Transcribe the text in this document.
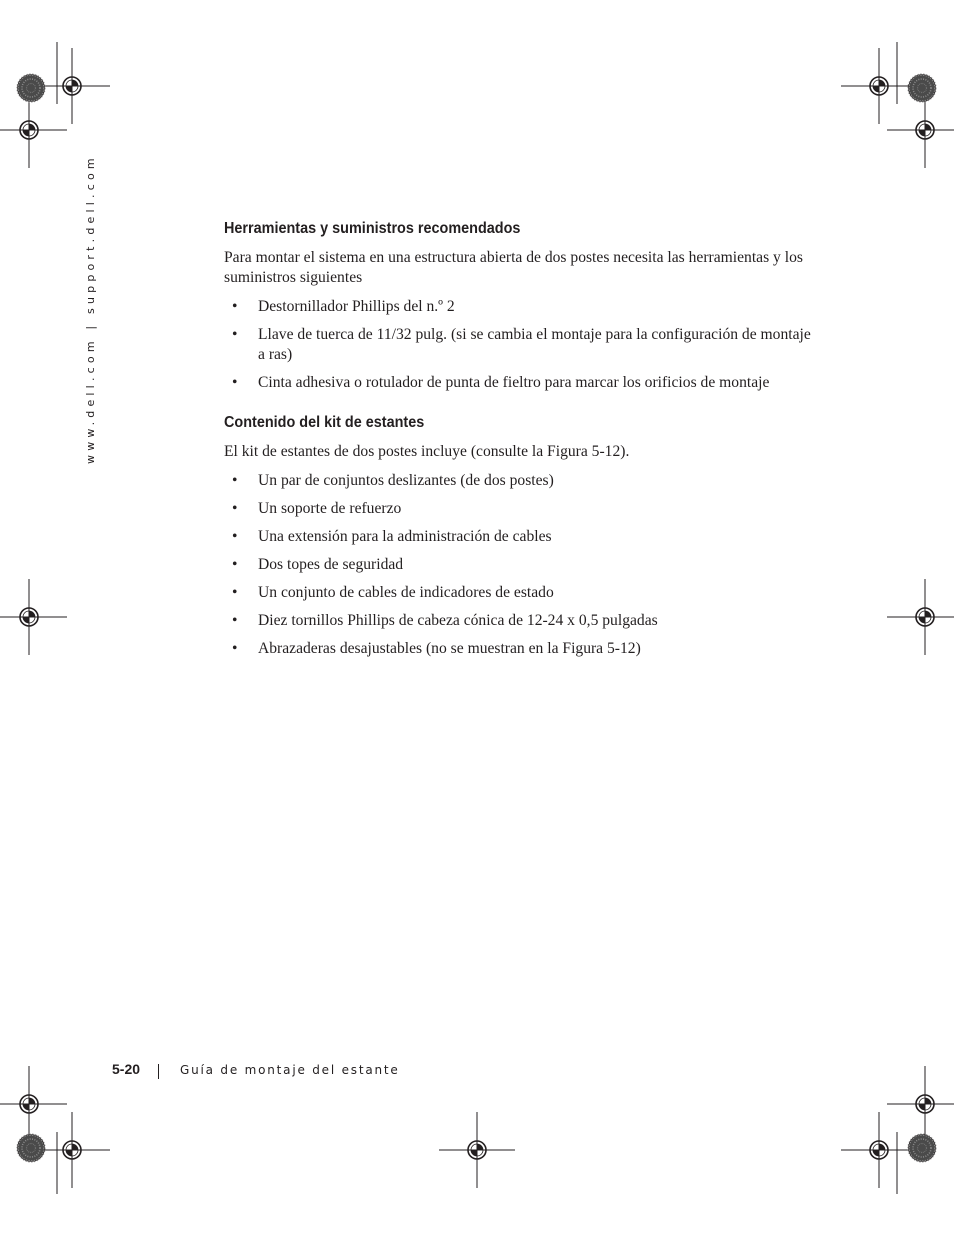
www.dell.com | support.dell.com	Herramientas y suministros recomendados

Para montar el sistema en una estructura abierta de dos postes necesita las herramientas y los suministros siguientes

• Destornillador Phillips del n.º 2
• Llave de tuerca de 11/32 pulg. (si se cambia el montaje para la configuración de montaje a ras)
• Cinta adhesiva o rotulador de punta de fieltro para marcar los orificios de montaje
Contenido del kit de estantes

El kit de estantes de dos postes incluye (consulte la Figura 5-12).

• Un par de conjuntos deslizantes (de dos postes)
• Un soporte de refuerzo
• Una extensión para la administración de cables
• Dos topes de seguridad
• Un conjunto de cables de indicadores de estado
• Diez tornillos Phillips de cabeza cónica de 12-24 x 0,5 pulgadas
• Abrazaderas desajustables (no se muestran en la Figura 5-12)
5-20	Guía de montaje del estante
